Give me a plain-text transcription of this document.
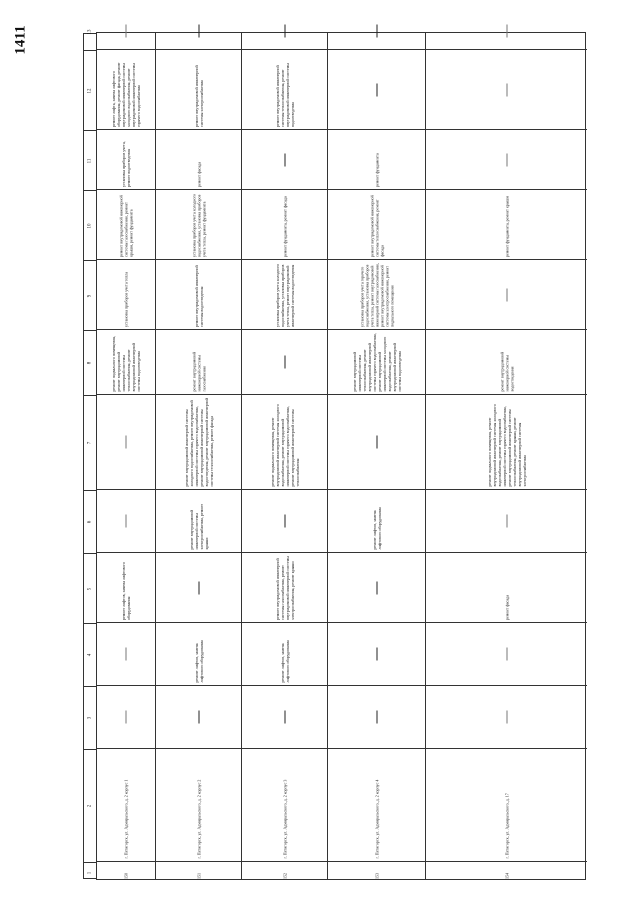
1411
150
г. Пятигорск, ул. Адмиральского, д. 2 корпус 1
ремонт лифтов, замена лифтового оборудования
ремонт подвального помещения, ремонт внутридомовой инженерной системы теплоснабжения, ремонт внутридомовой инженерной системы водоотведения
установка приборов учета тепла
ремонт внутридомовой инженерной системы газоснабжения, ремонт крыши, ремонт фундамента
установка приборов учета, ремонт водоотведения
ремонт лифта, замена лифтового оборудования, ремонт фасада, ремонт внутридомовой инженерной системы холодного водоснабжения, ремонт внутридомовой инженерной системы горячего водоснабжения
151
г. Пятигорск, ул. Адмиральского, д. 2 корпус 2
ремонт лифтов, замена лифтового оборудования
ремонт внутридомовой инженерной системы электроснабжения, ремонт крыши
ремонт внутридомовой инженерной системы холодного водоснабжения, ремонт внутридомовой инженерной системы горячего водоснабжения, ремонт внутридомовой инженерной системы водоотведения, ремонт внутридомовой инженерной системы теплоснабжения, ремонт фасада
ремонт внутридомовой инженерной системы газоснабжения
ремонт внутридомовой инженерной системы водоотведения
установка приборов учета холодного водоснабжения, установка приборов учета тепла, ремонт фундамента
ремонт фасада
ремонт внутридомовой инженерной системы электроснабжения
152
г. Пятигорск, ул. Адмиральского, д. 2 корпус 3
ремонт лифтов, замена лифтового оборудования
ремонт внутридомовой инженерной системы газоснабжения, ремонт внутридомовой инженерной системы электроснабжения, ремонт крыши
ремонт подвального помещения, ремонт внутридомовой инженерной системы холодного водоснабжения, ремонт внутридомовой инженерной системы горячего водоснабжения, ремонт внутридомовой инженерной системы теплоснабжения
установка приборов учета холодного водоснабжения, установка приборов учета тепла, ремонт внутридомовой инженерной системы водоотведения
ремонт фундамента, ремонт фасада
ремонт внутридомовой инженерной системы теплоснабжения, ремонт внутридомовой инженерной системы водоотведения
153
г. Пятигорск, ул. Адмиральского, д. 2 корпус 4
ремонт лифтов, замена лифтового оборудования
ремонт внутридомовой инженерной системы теплоснабжения, ремонт внутридомовой инженерной системы горячего водоснабжения, ремонт внутридомовой инженерной системы холодного водоснабжения, ремонт внутридомовой инженерной системы водоотведения
установка приборов учета горячего водоснабжения, установка приборов учета тепла, ремонт внутридомовой инженерной системы газоснабжения, ремонт внутридомовой инженерной системы электроснабжения, ремонт подвального помещения
ремонт внутридомовой инженерной системы теплоснабжения, ремонт фасада
ремонт фундамента
154
г. Пятигорск, ул. Адмиральского, д. 17
ремонт фасада
ремонт подвального помещения, ремонт внутридомовой инженерной системы холодного водоснабжения, ремонт внутридомовой инженерной системы горячего водоснабжения, ремонт внутридомовой инженерной системы теплоснабжения, ремонт крыши, ремонт внутридомовой инженерной системы электроснабжения
ремонт внутридомовой инженерной системы водоотведения
ремонт фундамента, ремонт крыши
1
2
3
4
5
6
7
8
9
10
11
12
13
